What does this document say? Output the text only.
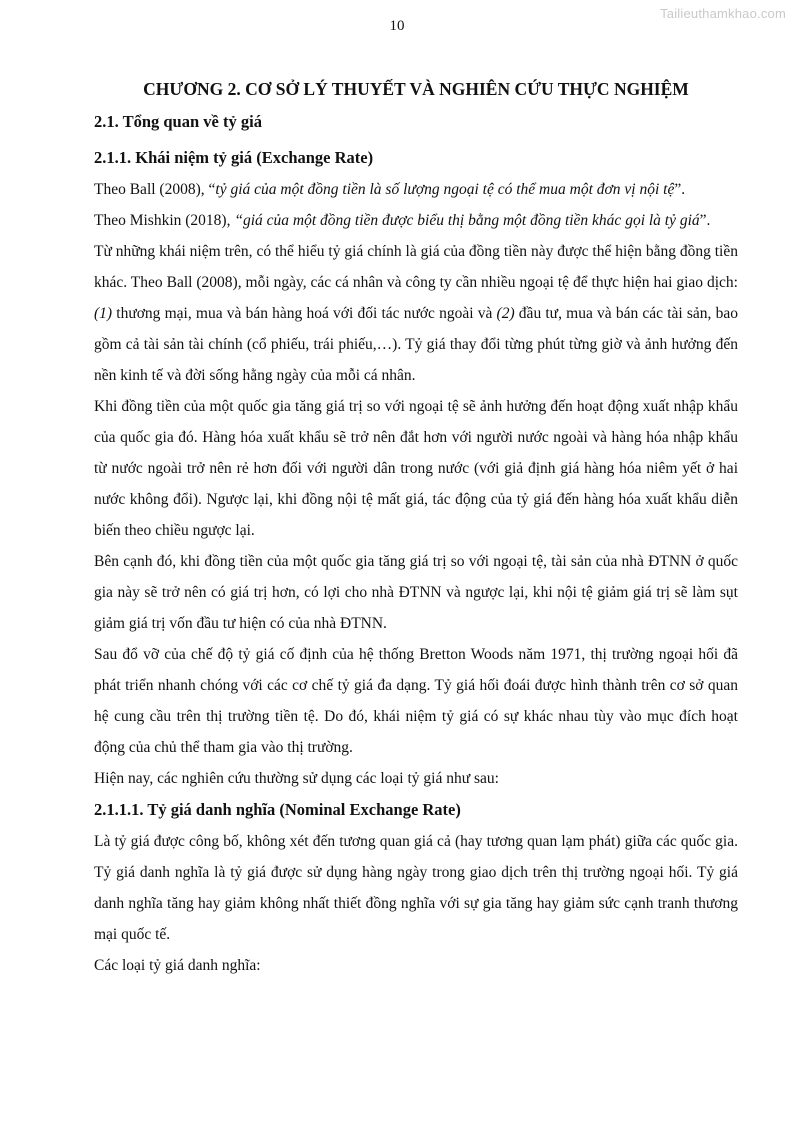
Tailieuthamkhao.com
10
CHƯƠNG 2. CƠ SỞ LÝ THUYẾT VÀ NGHIÊN CỨU THỰC NGHIỆM
2.1. Tổng quan về tỷ giá
2.1.1. Khái niệm tỷ giá (Exchange Rate)

Theo Ball (2008), “tỷ giá của một đồng tiền là số lượng ngoại tệ có thể mua một đơn vị nội tệ”.

Theo Mishkin (2018), “giá của một đồng tiền được biểu thị bằng một đồng tiền khác gọi là tỷ giá”.

Từ những khái niệm trên, có thể hiểu tỷ giá chính là giá của đồng tiền này được thể hiện bằng đồng tiền khác. Theo Ball (2008), mỗi ngày, các cá nhân và công ty cần nhiều ngoại tệ để thực hiện hai giao dịch: (1) thương mại, mua và bán hàng hoá với đối tác nước ngoài và (2) đầu tư, mua và bán các tài sản, bao gồm cả tài sản tài chính (cổ phiếu, trái phiếu,…). Tỷ giá thay đổi từng phút từng giờ và ảnh hưởng đến nền kinh tế và đời sống hằng ngày của mỗi cá nhân.

Khi đồng tiền của một quốc gia tăng giá trị so với ngoại tệ sẽ ảnh hưởng đến hoạt động xuất nhập khẩu của quốc gia đó. Hàng hóa xuất khẩu sẽ trở nên đắt hơn với người nước ngoài và hàng hóa nhập khẩu từ nước ngoài trở nên rẻ hơn đối với người dân trong nước (với giả định giá hàng hóa niêm yết ở hai nước không đổi). Ngược lại, khi đồng nội tệ mất giá, tác động của tỷ giá đến hàng hóa xuất khẩu diễn biến theo chiều ngược lại.

Bên cạnh đó, khi đồng tiền của một quốc gia tăng giá trị so với ngoại tệ, tài sản của nhà ĐTNN ở quốc gia này sẽ trở nên có giá trị hơn, có lợi cho nhà ĐTNN và ngược lại, khi nội tệ giảm giá trị sẽ làm sụt giảm giá trị vốn đầu tư hiện có của nhà ĐTNN.

Sau đổ vỡ của chế độ tỷ giá cố định của hệ thống Bretton Woods năm 1971, thị trường ngoại hối đã phát triển nhanh chóng với các cơ chế tỷ giá đa dạng. Tỷ giá hối đoái được hình thành trên cơ sở quan hệ cung cầu trên thị trường tiền tệ. Do đó, khái niệm tỷ giá có sự khác nhau tùy vào mục đích hoạt động của chủ thể tham gia vào thị trường.

Hiện nay, các nghiên cứu thường sử dụng các loại tỷ giá như sau:

2.1.1.1. Tỷ giá danh nghĩa (Nominal Exchange Rate)

Là tỷ giá được công bố, không xét đến tương quan giá cả (hay tương quan lạm phát) giữa các quốc gia. Tỷ giá danh nghĩa là tỷ giá được sử dụng hàng ngày trong giao dịch trên thị trường ngoại hối. Tỷ giá danh nghĩa tăng hay giảm không nhất thiết đồng nghĩa với sự gia tăng hay giảm sức cạnh tranh thương mại quốc tế.

Các loại tỷ giá danh nghĩa:
